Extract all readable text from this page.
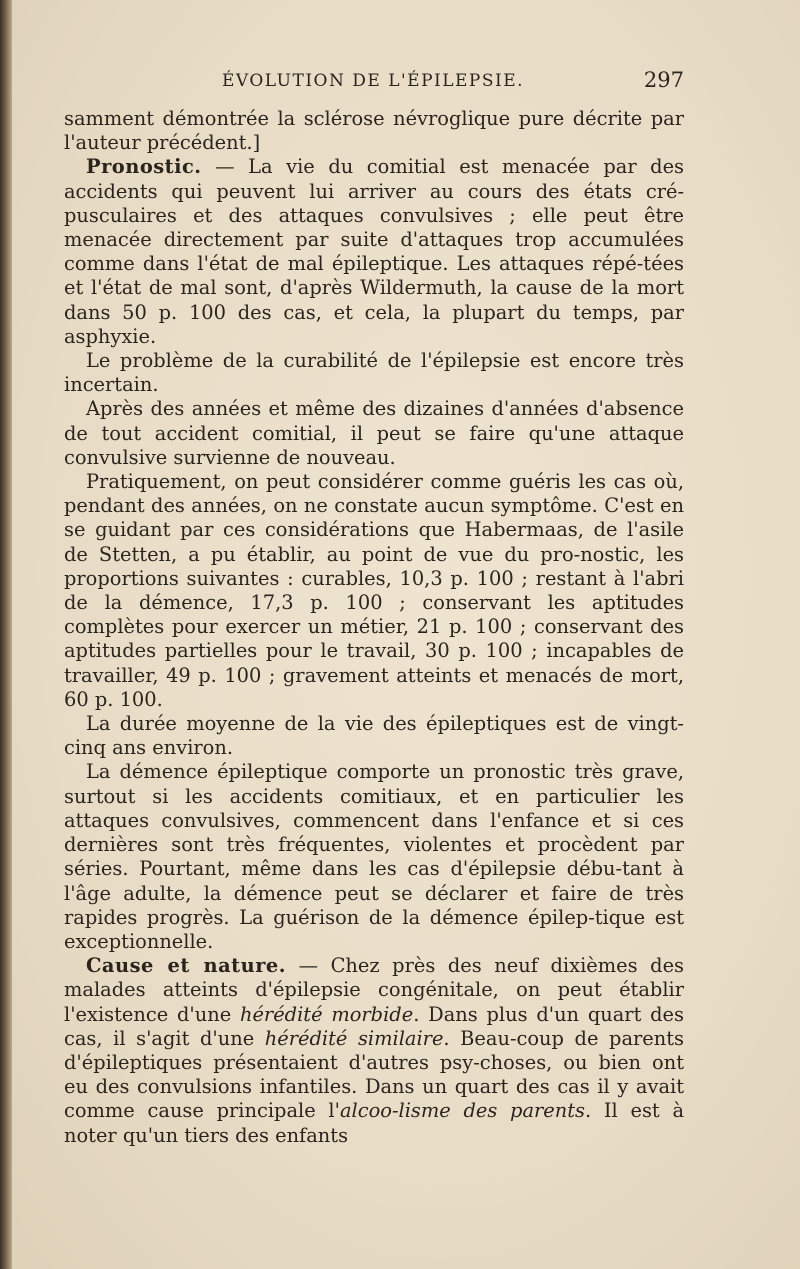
ÉVOLUTION DE L'ÉPILEPSIE.	297

samment démontrée la sclérose névroglique pure décrite par l'auteur précédent.]

Pronostic. — La vie du comitial est menacée par des accidents qui peuvent lui arriver au cours des états cré-pusculaires et des attaques convulsives ; elle peut être menacée directement par suite d'attaques trop accumulées comme dans l'état de mal épileptique. Les attaques répé-tées et l'état de mal sont, d'après Wildermuth, la cause de la mort dans 50 p. 100 des cas, et cela, la plupart du temps, par asphyxie.

Le problème de la curabilité de l'épilepsie est encore très incertain.

Après des années et même des dizaines d'années d'absence de tout accident comitial, il peut se faire qu'une attaque convulsive survienne de nouveau.

Pratiquement, on peut considérer comme guéris les cas où, pendant des années, on ne constate aucun symptôme. C'est en se guidant par ces considérations que Habermaas, de l'asile de Stetten, a pu établir, au point de vue du pro-nostic, les proportions suivantes : curables, 10,3 p. 100 ; restant à l'abri de la démence, 17,3 p. 100 ; conservant les aptitudes complètes pour exercer un métier, 21 p. 100 ; conservant des aptitudes partielles pour le travail, 30 p. 100 ; incapables de travailler, 49 p. 100 ; gravement atteints et menacés de mort, 60 p. 100.

La durée moyenne de la vie des épileptiques est de vingt-cinq ans environ.

La démence épileptique comporte un pronostic très grave, surtout si les accidents comitiaux, et en particulier les attaques convulsives, commencent dans l'enfance et si ces dernières sont très fréquentes, violentes et procèdent par séries. Pourtant, même dans les cas d'épilepsie débu-tant à l'âge adulte, la démence peut se déclarer et faire de très rapides progrès. La guérison de la démence épilep-tique est exceptionnelle.

Cause et nature. — Chez près des neuf dixièmes des malades atteints d'épilepsie congénitale, on peut établir l'existence d'une hérédité morbide. Dans plus d'un quart des cas, il s'agit d'une hérédité similaire. Beau-coup de parents d'épileptiques présentaient d'autres psy-choses, ou bien ont eu des convulsions infantiles. Dans un quart des cas il y avait comme cause principale l'alcoo-lisme des parents. Il est à noter qu'un tiers des enfants
